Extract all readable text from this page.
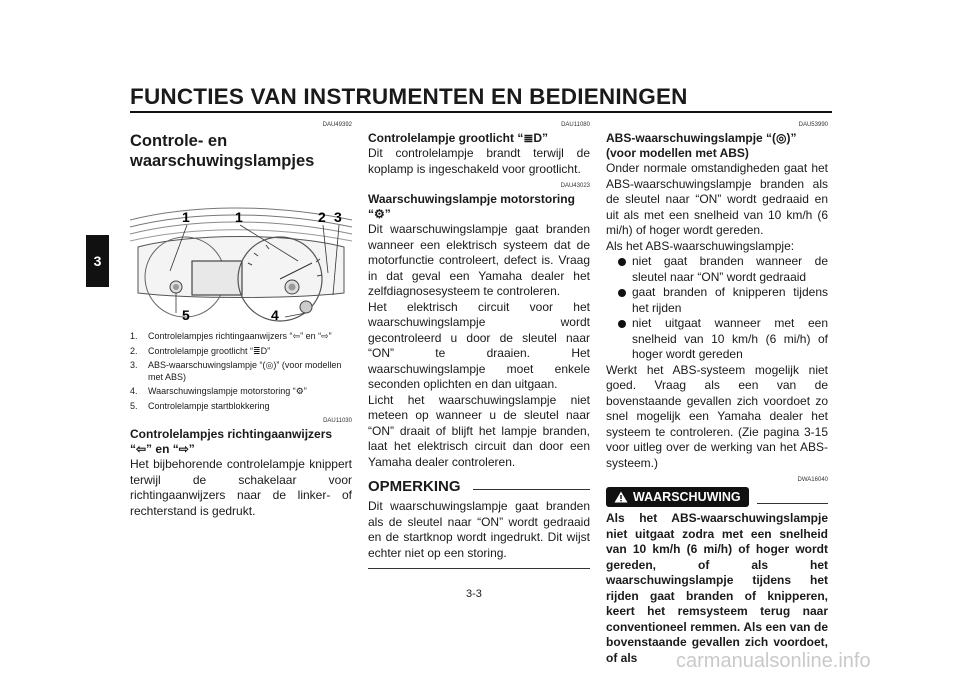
FUNCTIES VAN INSTRUMENTEN EN BEDIENINGEN
3
DAU49392
Controle- en waarschuwingslampjes
1	1	2 3
4
5
1. Controlelampjes richtingaanwijzers “⇦” en “⇨”
2. Controlelampje grootlicht “≣D”
3. ABS-waarschuwingslampje “(◎)” (voor modellen met ABS)
4. Waarschuwingslampje motorstoring “⚙”
5. Controlelampje startblokkering
DAU11030
Controlelampjes richtingaanwijzers
“⇦” en “⇨”

Het bijbehorende controlelampje knippert terwijl de schakelaar voor richtingaanwijzers naar de linker- of rechterstand is gedrukt.

DAU11080
Controlelampje grootlicht “≣D”

Dit controlelampje brandt terwijl de koplamp is ingeschakeld voor grootlicht.

DAU43023
Waarschuwingslampje motorstoring “⚙”

Dit waarschuwingslampje gaat branden wanneer een elektrisch systeem dat de motorfunctie controleert, defect is. Vraag in dat geval een Yamaha dealer het zelfdiagnosesysteem te controleren.

Het elektrisch circuit voor het waarschuwingslampje wordt gecontroleerd u door de sleutel naar “ON” te draaien. Het waarschuwingslampje moet enkele seconden oplichten en dan uitgaan.

Licht het waarschuwingslampje niet meteen op wanneer u de sleutel naar “ON” draait of blijft het lampje branden, laat het elektrisch circuit dan door een Yamaha dealer controleren.

OPMERKING

Dit waarschuwingslampje gaat branden als de sleutel naar “ON” wordt gedraaid en de startknop wordt ingedrukt. Dit wijst echter niet op een storing.

DAU53990
ABS-waarschuwingslampje “(◎)” (voor modellen met ABS)

Onder normale omstandigheden gaat het ABS-waarschuwingslampje branden als de sleutel naar “ON” wordt gedraaid en uit als met een snelheid van 10 km/h (6 mi/h) of hoger wordt gereden.

Als het ABS-waarschuwingslampje:

niet gaat branden wanneer de sleutel naar “ON” wordt gedraaid
gaat branden of knipperen tijdens het rijden
niet uitgaat wanneer met een snelheid van 10 km/h (6 mi/h) of hoger wordt gereden

Werkt het ABS-systeem mogelijk niet goed. Vraag als een van de bovenstaande gevallen zich voordoet zo snel mogelijk een Yamaha dealer het systeem te controleren. (Zie pagina 3-15 voor uitleg over de werking van het ABS-systeem.)

DWA16040
WAARSCHUWING

Als het ABS-waarschuwingslampje niet uitgaat zodra met een snelheid van 10 km/h (6 mi/h) of hoger wordt gereden, of als het waarschuwingslampje tijdens het rijden gaat branden of knipperen, keert het remsysteem terug naar conventioneel remmen. Als een van de bovenstaande gevallen zich voordoet, of als

3-3
carmanualsonline.info
